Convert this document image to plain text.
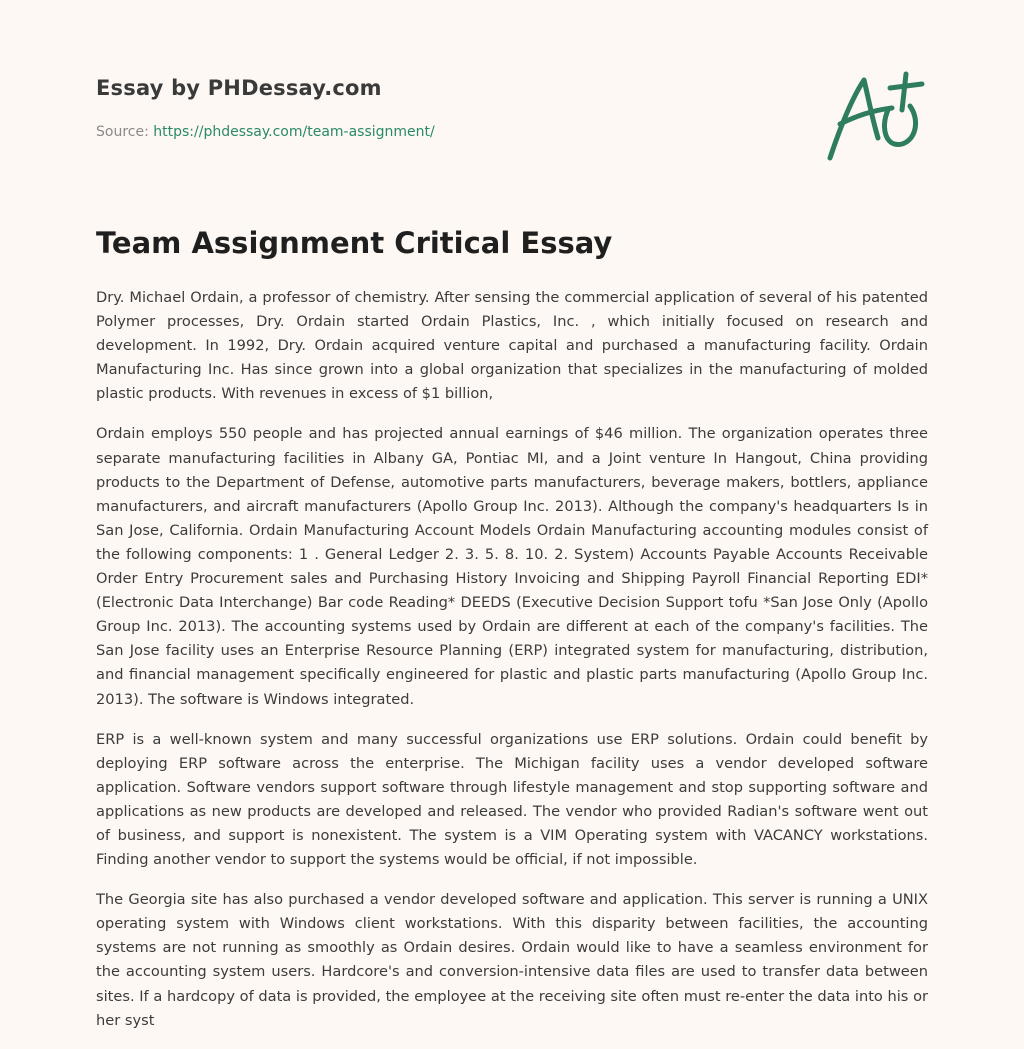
Essay by PHDessay.com
Source: https://phdessay.com/team-assignment/
Team Assignment Critical Essay

Dry. Michael Ordain, a professor of chemistry. After sensing the commercial application of several of his patented Polymer processes, Dry. Ordain started Ordain Plastics, Inc. , which initially focused on research and development. In 1992, Dry. Ordain acquired venture capital and purchased a manufacturing facility. Ordain Manufacturing Inc. Has since grown into a global organization that specializes in the manufacturing of molded plastic products. With revenues in excess of $1 billion,

Ordain employs 550 people and has projected annual earnings of $46 million. The organization operates three separate manufacturing facilities in Albany GA, Pontiac MI, and a Joint venture In Hangout, China providing products to the Department of Defense, automotive parts manufacturers, beverage makers, bottlers, appliance manufacturers, and aircraft manufacturers (Apollo Group Inc. 2013). Although the company's headquarters Is in San Jose, California. Ordain Manufacturing Account Models Ordain Manufacturing accounting modules consist of the following components: 1 . General Ledger 2. 3. 5. 8. 10. 2. System) Accounts Payable Accounts Receivable Order Entry Procurement sales and Purchasing History Invoicing and Shipping Payroll Financial Reporting EDI* (Electronic Data Interchange) Bar code Reading* DEEDS (Executive Decision Support tofu *San Jose Only (Apollo Group Inc. 2013). The accounting systems used by Ordain are different at each of the company's facilities. The San Jose facility uses an Enterprise Resource Planning (ERP) integrated system for manufacturing, distribution, and financial management specifically engineered for plastic and plastic parts manufacturing (Apollo Group Inc. 2013). The software is Windows integrated.

ERP is a well-known system and many successful organizations use ERP solutions. Ordain could benefit by deploying ERP software across the enterprise. The Michigan facility uses a vendor developed software application. Software vendors support software through lifestyle management and stop supporting software and applications as new products are developed and released. The vendor who provided Radian's software went out of business, and support is nonexistent. The system is a VIM Operating system with VACANCY workstations. Finding another vendor to support the systems would be official, if not impossible.

The Georgia site has also purchased a vendor developed software and application. This server is running a UNIX operating system with Windows client workstations. With this disparity between facilities, the accounting systems are not running as smoothly as Ordain desires. Ordain would like to have a seamless environment for the accounting system users. Hardcore's and conversion-intensive data files are used to transfer data between sites. If a hardcopy of data is provided, the employee at the receiving site often must re-enter the data into his or her syst
